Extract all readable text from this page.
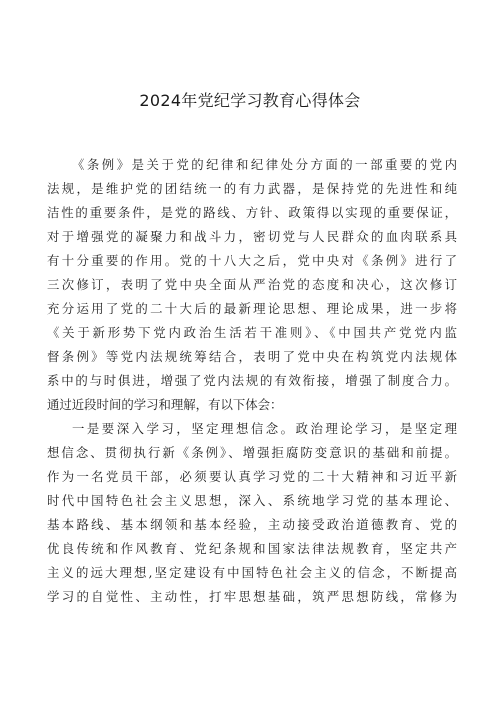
2024年党纪学习教育心得体会
《条例》是关于党的纪律和纪律处分方面的一部重要的党内
法规，是维护党的团结统一的有力武器，是保持党的先进性和纯
洁性的重要条件，是党的路线、方针、政策得以实现的重要保证，
对于增强党的凝聚力和战斗力，密切党与人民群众的血肉联系具
有十分重要的作用。党的十八大之后，党中央对《条例》进行了
三次修订，表明了党中央全面从严治党的态度和决心，这次修订
充分运用了党的二十大后的最新理论思想、理论成果，进一步将
《关于新形势下党内政治生活若干准则》、《中国共产党党内监
督条例》等党内法规统筹结合，表明了党中央在构筑党内法规体
系中的与时俱进，增强了党内法规的有效衔接，增强了制度合力。
通过近段时间的学习和理解，有以下体会：
一是要深入学习，坚定理想信念。政治理论学习，是坚定理
想信念、贯彻执行新《条例》、增强拒腐防变意识的基础和前提。
作为一名党员干部，必须要认真学习党的二十大精神和习近平新
时代中国特色社会主义思想，深入、系统地学习党的基本理论、
基本路线、基本纲领和基本经验，主动接受政治道德教育、党的
优良传统和作风教育、党纪条规和国家法律法规教育，坚定共产
主义的远大理想,坚定建设有中国特色社会主义的信念，不断提高
学习的自觉性、主动性，打牢思想基础，筑严思想防线，常修为
